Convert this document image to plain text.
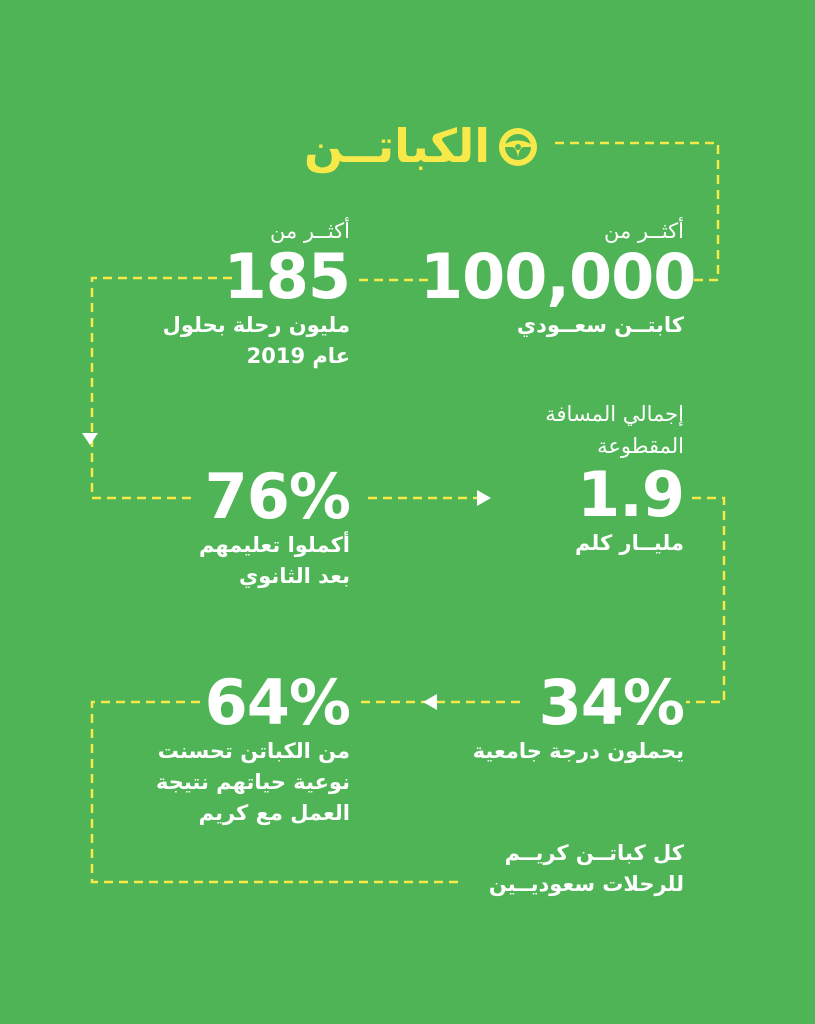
الكباتــن
أكثــر من
100,000
كابتــن سعــودي
أكثــر من
185
مليون رحلة بحلول
عام 2019
إجمالي المسافة
المقطوعة
1.9
مليــار كلم
76%
أكملوا تعليمهم
بعد الثانوي
34%
يحملون درجة جامعية
64%
من الكباتن تحسنت
نوعية حياتهم نتيجة
العمل مع كريم
كل كباتــن كريــم
للرحلات سعوديــين
